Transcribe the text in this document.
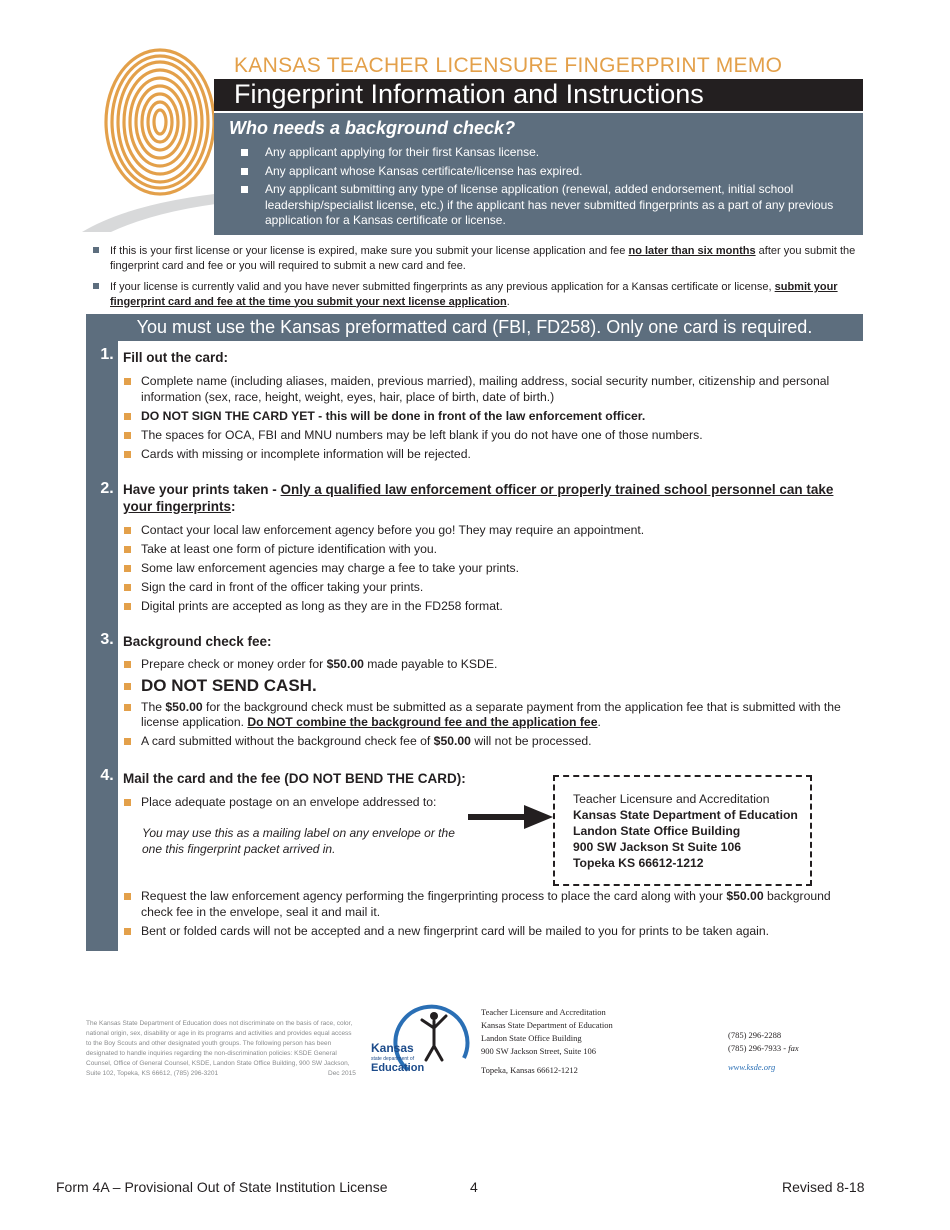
KANSAS TEACHER LICENSURE FINGERPRINT MEMO
Fingerprint Information and Instructions
Who needs a background check?
Any applicant applying for their first Kansas license.
Any applicant whose Kansas certificate/license has expired.
Any applicant submitting any type of license application (renewal, added endorsement, initial school leadership/specialist license, etc.) if the applicant has never submitted fingerprints as a part of any previous application for a Kansas certificate or license.
If this is your first license or your license is expired, make sure you submit your license application and fee no later than six months after you submit the fingerprint card and fee or you will required to submit a new card and fee.
If your license is currently valid and you have never submitted fingerprints as any previous application for a Kansas certificate or license, submit your fingerprint card and fee at the time you submit your next license application.
You must use the Kansas preformatted card (FBI, FD258). Only one card is required.
1. Fill out the card:
Complete name (including aliases, maiden, previous married), mailing address, social security number, citizenship and personal information (sex, race, height, weight, eyes, hair, place of birth, date of birth.)
DO NOT SIGN THE CARD YET - this will be done in front of the law enforcement officer.
The spaces for OCA, FBI and MNU numbers may be left blank if you do not have one of those numbers.
Cards with missing or incomplete information will be rejected.
2. Have your prints taken - Only a qualified law enforcement officer or properly trained school personnel can take your fingerprints:
Contact your local law enforcement agency before you go! They may require an appointment.
Take at least one form of picture identification with you.
Some law enforcement agencies may charge a fee to take your prints.
Sign the card in front of the officer taking your prints.
Digital prints are accepted as long as they are in the FD258 format.
3. Background check fee:
Prepare check or money order for $50.00 made payable to KSDE.
DO NOT SEND CASH.
The $50.00 for the background check must be submitted as a separate payment from the application fee that is submitted with the license application. Do NOT combine the background fee and the application fee.
A card submitted without the background check fee of $50.00 will not be processed.
4. Mail the card and the fee (DO NOT BEND THE CARD):
Place adequate postage on an envelope addressed to:
You may use this as a mailing label on any envelope or the one this fingerprint packet arrived in.
Teacher Licensure and Accreditation
Kansas State Department of Education
Landon State Office Building
900 SW Jackson St Suite 106
Topeka KS 66612-1212
Request the law enforcement agency performing the fingerprinting process to place the card along with your $50.00 background check fee in the envelope, seal it and mail it.
Bent or folded cards will not be accepted and a new fingerprint card will be mailed to you for prints to be taken again.
The Kansas State Department of Education does not discriminate on the basis of race, color, national origin, sex, disability or age in its programs and activities and provides equal access to the Boy Scouts and other designated youth groups. The following person has been designated to handle inquiries regarding the non-discrimination policies: KSDE General Counsel, Office of General Counsel, KSDE, Landon State Office Building, 900 SW Jackson, Suite 102, Topeka, KS 66612, (785) 296-3201	Dec 2015
Kansas
state department of
Education
Teacher Licensure and Accreditation
Kansas State Department of Education
Landon State Office Building
900 SW Jackson Street, Suite 106
Topeka, Kansas 66612-1212
(785) 296-2288
(785) 296-7933 - fax
www.ksde.org
Form 4A – Provisional Out of State Institution License	4	Revised 8-18
